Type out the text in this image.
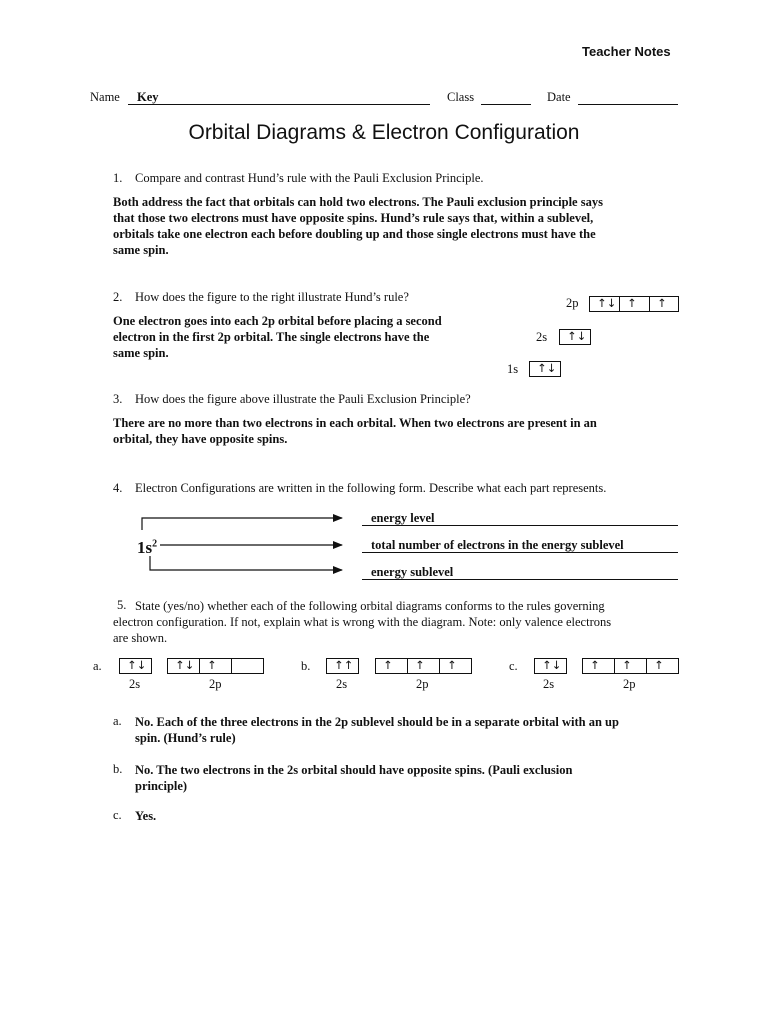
Teacher Notes
Name Key	Class	Date
Orbital Diagrams & Electron Configuration
1. Compare and contrast Hund’s rule with the Pauli Exclusion Principle.
Both address the fact that orbitals can hold two electrons. The Pauli exclusion principle says
that those two electrons must have opposite spins. Hund’s rule says that, within a sublevel,
orbitals take one electron each before doubling up and those single electrons must have the
same spin.
2. How does the figure to the right illustrate Hund’s rule?
One electron goes into each 2p orbital before placing a second
electron in the first 2p orbital. The single electrons have the
same spin.
2p	↑↓ ↑	↑
2s	↑↓
1s	↑↓
3. How does the figure above illustrate the Pauli Exclusion Principle?
There are no more than two electrons in each orbital. When two electrons are present in an
orbital, they have opposite spins.
4. Electron Configurations are written in the following form. Describe what each part represents.
$1s^2$
energy level
total number of electrons in the energy sublevel
energy sublevel
5. State (yes/no) whether each of the following orbital diagrams conforms to the rules governing
electron configuration. If not, explain what is wrong with the diagram. Note: only valence electrons
are shown.
a.	↑↓	↑↓	↑
2s	2p
b.	↑↑	↑	↑	↑
2s	2p
c.	↑↓	↑	↑	↑
2s	2p
a. No. Each of the three electrons in the 2p sublevel should be in a separate orbital with an up
spin. (Hund’s rule)
b. No. The two electrons in the 2s orbital should have opposite spins. (Pauli exclusion
principle)
c. Yes.
